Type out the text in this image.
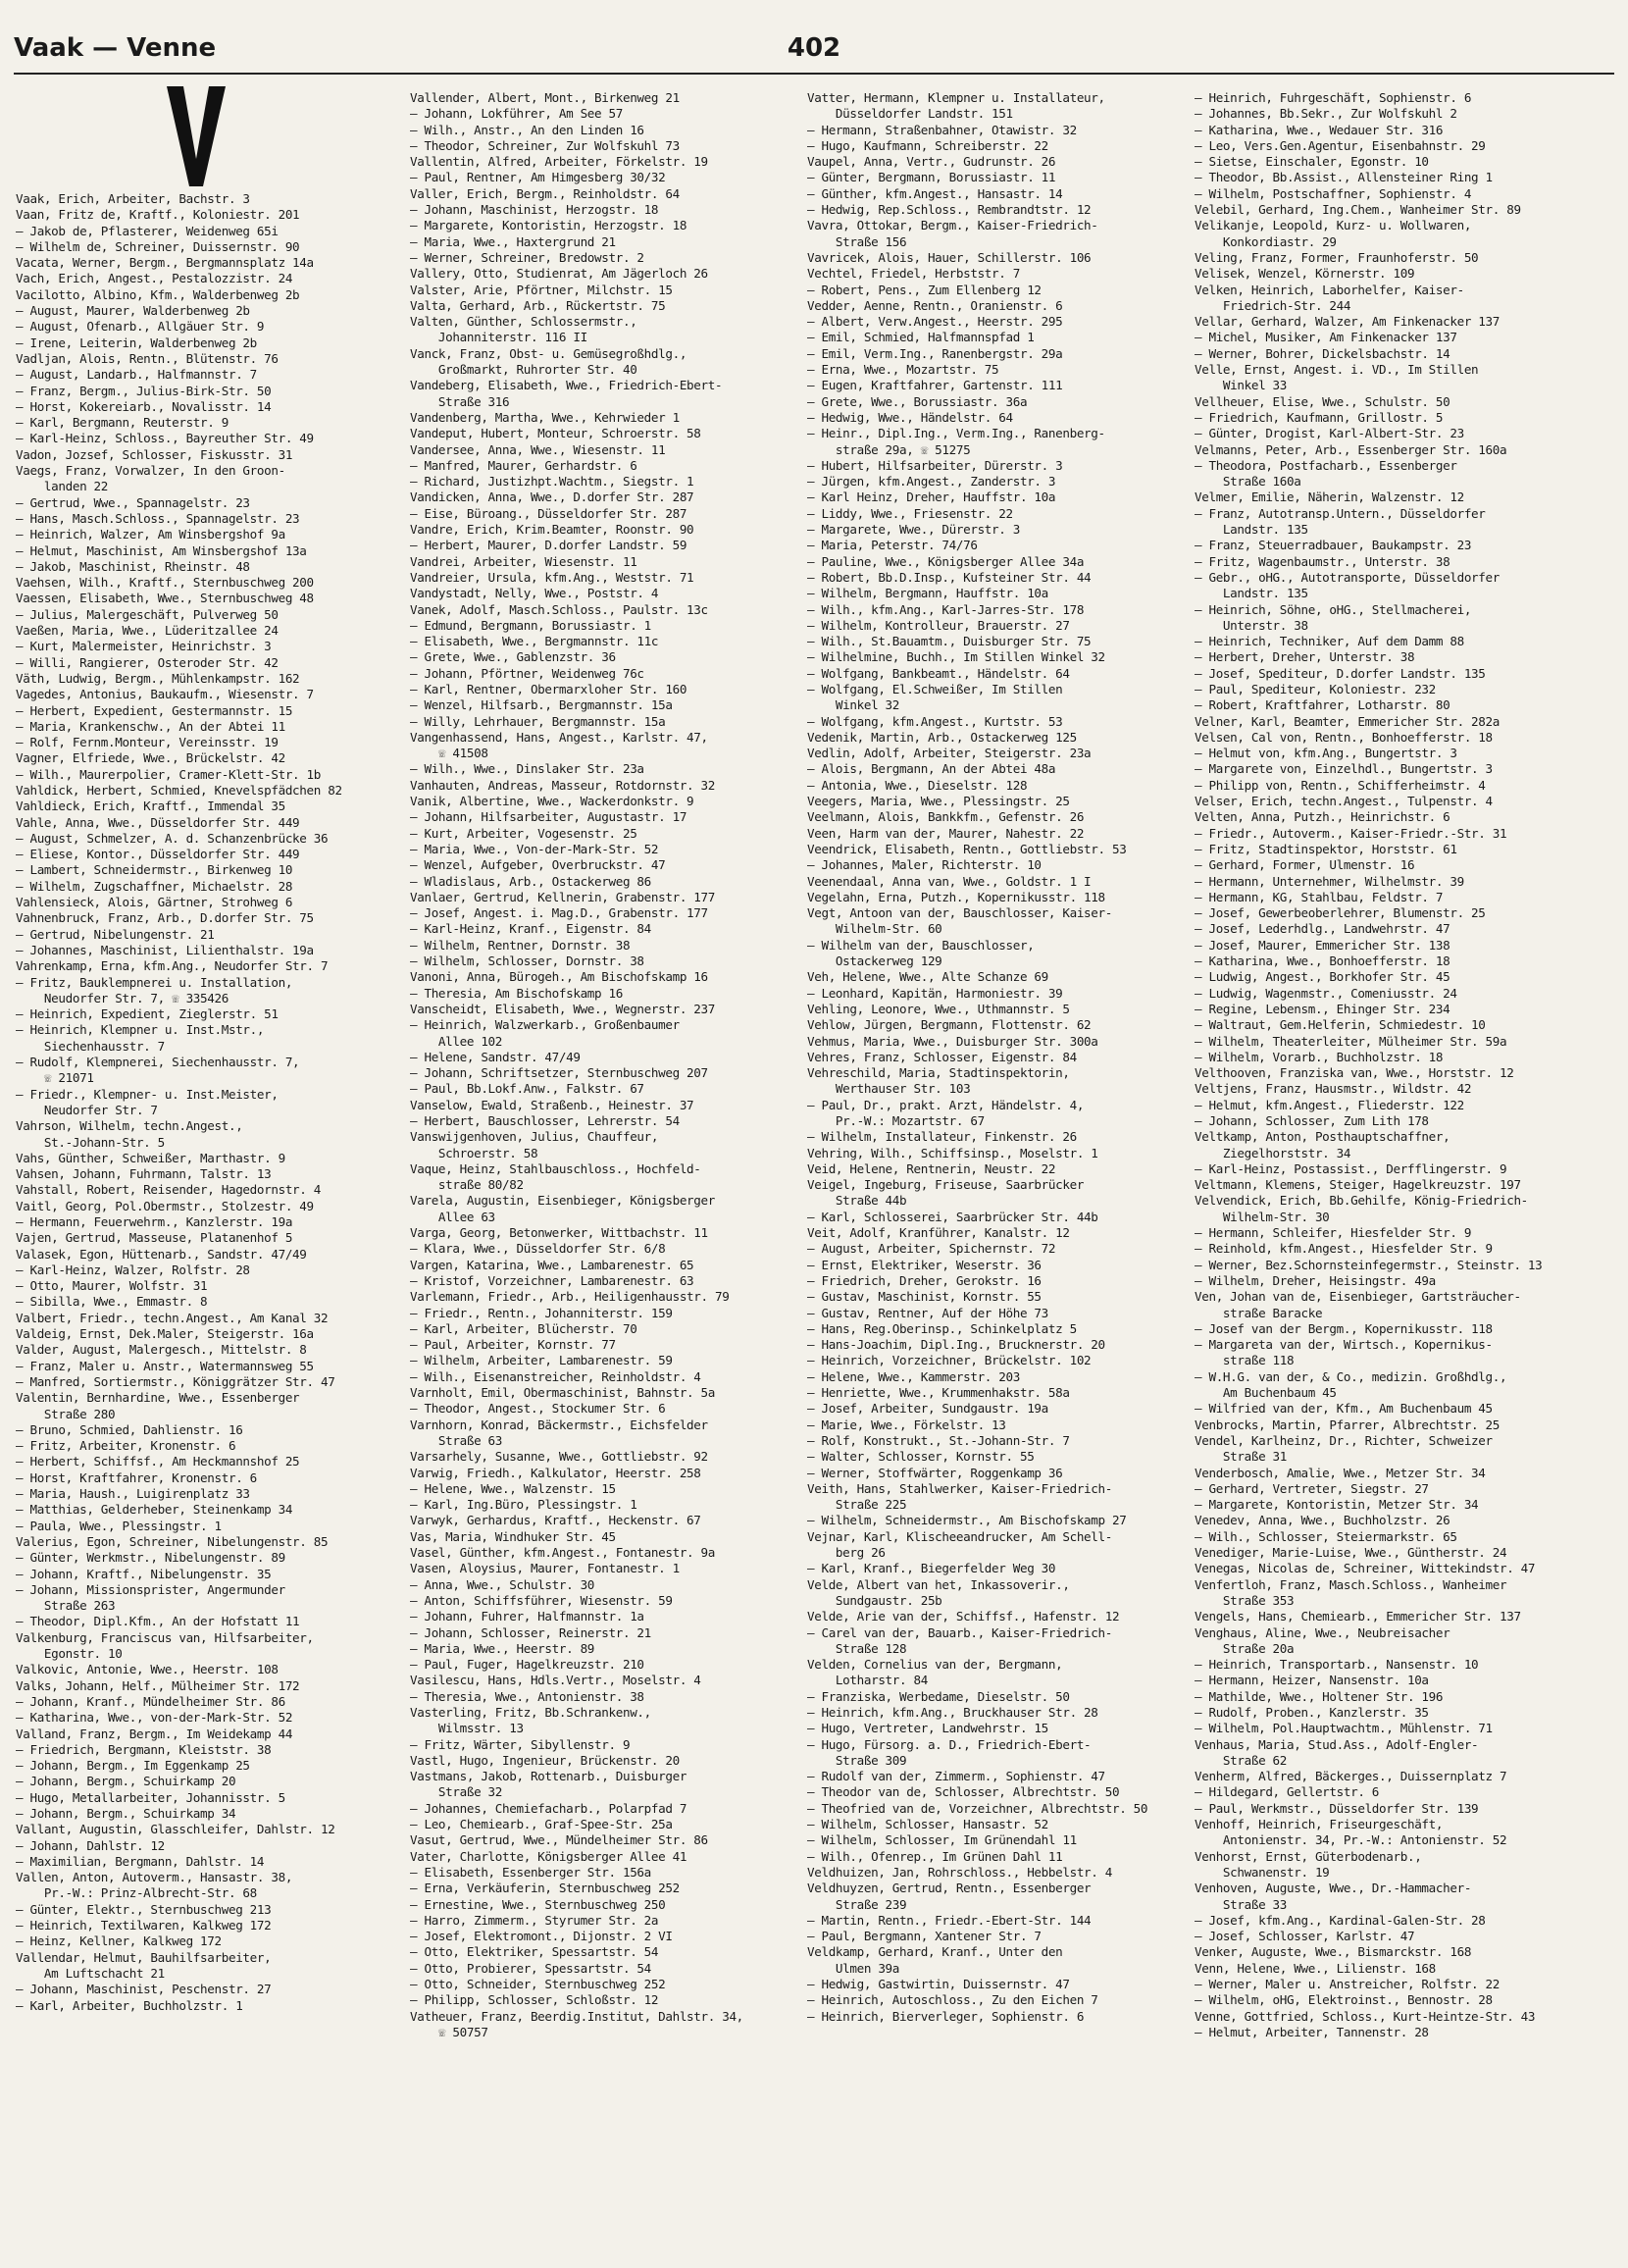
Vaak — Venne	402
Vaak, Erich, Arbeiter, Bachstr. 3
Vaan, Fritz de, Kraftf., Koloniestr. 201
— Jakob de, Pflasterer, Weidenweg 65i
— Wilhelm de, Schreiner, Duissernstr. 90
Vacata, Werner, Bergm., Bergmannsplatz 14a
Vach, Erich, Angest., Pestalozzistr. 24
Vacilotto, Albino, Kfm., Walderbenweg 2b
— August, Maurer, Walderbenweg 2b
— August, Ofenarb., Allgäuer Str. 9
— Irene, Leiterin, Walderbenweg 2b
Vadljan, Alois, Rentn., Blütenstr. 76
— August, Landarb., Halfmannstr. 7
— Franz, Bergm., Julius-Birk-Str. 50
— Horst, Kokereiarb., Novalisstr. 14
— Karl, Bergmann, Reuterstr. 9
— Karl-Heinz, Schloss., Bayreuther Str. 49
Vadon, Jozsef, Schlosser, Fiskusstr. 31
Vaegs, Franz, Vorwalzer, In den Groon-
landen 22
— Gertrud, Wwe., Spannagelstr. 23
— Hans, Masch.Schloss., Spannagelstr. 23
— Heinrich, Walzer, Am Winsbergshof 9a
— Helmut, Maschinist, Am Winsbergshof 13a
— Jakob, Maschinist, Rheinstr. 48
Vaehsen, Wilh., Kraftf., Sternbuschweg 200
Vaessen, Elisabeth, Wwe., Sternbuschweg 48
— Julius, Malergeschäft, Pulverweg 50
Vaeßen, Maria, Wwe., Lüderitzallee 24
— Kurt, Malermeister, Heinrichstr. 3
— Willi, Rangierer, Osteroder Str. 42
Väth, Ludwig, Bergm., Mühlenkampstr. 162
Vagedes, Antonius, Baukaufm., Wiesenstr. 7
— Herbert, Expedient, Gestermannstr. 15
— Maria, Krankenschw., An der Abtei 11
— Rolf, Fernm.Monteur, Vereinsstr. 19
Vagner, Elfriede, Wwe., Brückelstr. 42
— Wilh., Maurerpolier, Cramer-Klett-Str. 1b
Vahldick, Herbert, Schmied, Knevelspfädchen 82
Vahldieck, Erich, Kraftf., Immendal 35
Vahle, Anna, Wwe., Düsseldorfer Str. 449
— August, Schmelzer, A. d. Schanzenbrücke 36
— Eliese, Kontor., Düsseldorfer Str. 449
— Lambert, Schneidermstr., Birkenweg 10
— Wilhelm, Zugschaffner, Michaelstr. 28
Vahlensieck, Alois, Gärtner, Strohweg 6
Vahnenbruck, Franz, Arb., D.dorfer Str. 75
— Gertrud, Nibelungenstr. 21
— Johannes, Maschinist, Lilienthalstr. 19a
Vahrenkamp, Erna, kfm.Ang., Neudorfer Str. 7
— Fritz, Bauklempnerei u. Installation,
Neudorfer Str. 7, ☏ 335426
— Heinrich, Expedient, Zieglerstr. 51
— Heinrich, Klempner u. Inst.Mstr.,
Siechenhausstr. 7
— Rudolf, Klempnerei, Siechenhausstr. 7,
☏ 21071
— Friedr., Klempner- u. Inst.Meister,
Neudorfer Str. 7
Vahrson, Wilhelm, techn.Angest.,
St.-Johann-Str. 5
Vahs, Günther, Schweißer, Marthastr. 9
Vahsen, Johann, Fuhrmann, Talstr. 13
Vahstall, Robert, Reisender, Hagedornstr. 4
Vaitl, Georg, Pol.Obermstr., Stolzestr. 49
— Hermann, Feuerwehrm., Kanzlerstr. 19a
Vajen, Gertrud, Masseuse, Platanenhof 5
Valasek, Egon, Hüttenarb., Sandstr. 47/49
— Karl-Heinz, Walzer, Rolfstr. 28
— Otto, Maurer, Wolfstr. 31
— Sibilla, Wwe., Emmastr. 8
Valbert, Friedr., techn.Angest., Am Kanal 32
Valdeig, Ernst, Dek.Maler, Steigerstr. 16a
Valder, August, Malergesch., Mittelstr. 8
— Franz, Maler u. Anstr., Watermannsweg 55
— Manfred, Sortiermstr., Königgrätzer Str. 47
Valentin, Bernhardine, Wwe., Essenberger
Straße 280
— Bruno, Schmied, Dahlienstr. 16
— Fritz, Arbeiter, Kronenstr. 6
— Herbert, Schiffsf., Am Heckmannshof 25
— Horst, Kraftfahrer, Kronenstr. 6
— Maria, Haush., Luigirenplatz 33
— Matthias, Gelderheber, Steinenkamp 34
— Paula, Wwe., Plessingstr. 1
Valerius, Egon, Schreiner, Nibelungenstr. 85
— Günter, Werkmstr., Nibelungenstr. 89
— Johann, Kraftf., Nibelungenstr. 35
— Johann, Missionsprister, Angermunder
Straße 263
— Theodor, Dipl.Kfm., An der Hofstatt 11
Valkenburg, Franciscus van, Hilfsarbeiter,
Egonstr. 10
Valkovic, Antonie, Wwe., Heerstr. 108
Valks, Johann, Helf., Mülheimer Str. 172
— Johann, Kranf., Mündelheimer Str. 86
— Katharina, Wwe., von-der-Mark-Str. 52
Valland, Franz, Bergm., Im Weidekamp 44
— Friedrich, Bergmann, Kleiststr. 38
— Johann, Bergm., Im Eggenkamp 25
— Johann, Bergm., Schuirkamp 20
— Hugo, Metallarbeiter, Johannisstr. 5
— Johann, Bergm., Schuirkamp 34
Vallant, Augustin, Glasschleifer, Dahlstr. 12
— Johann, Dahlstr. 12
— Maximilian, Bergmann, Dahlstr. 14
Vallen, Anton, Autoverm., Hansastr. 38,
Pr.-W.: Prinz-Albrecht-Str. 68
— Günter, Elektr., Sternbuschweg 213
— Heinrich, Textilwaren, Kalkweg 172
— Heinz, Kellner, Kalkweg 172
Vallendar, Helmut, Bauhilfsarbeiter,
Am Luftschacht 21
— Johann, Maschinist, Peschenstr. 27
— Karl, Arbeiter, Buchholzstr. 1
Vallender, Albert, Mont., Birkenweg 21
— Johann, Lokführer, Am See 57
— Wilh., Anstr., An den Linden 16
— Theodor, Schreiner, Zur Wolfskuhl 73
Vallentin, Alfred, Arbeiter, Förkelstr. 19
— Paul, Rentner, Am Himgesberg 30/32
Valler, Erich, Bergm., Reinholdstr. 64
— Johann, Maschinist, Herzogstr. 18
— Margarete, Kontoristin, Herzogstr. 18
— Maria, Wwe., Haxtergrund 21
— Werner, Schreiner, Bredowstr. 2
Vallery, Otto, Studienrat, Am Jägerloch 26
Valster, Arie, Pförtner, Milchstr. 15
Valta, Gerhard, Arb., Rückertstr. 75
Valten, Günther, Schlossermstr.,
Johanniterstr. 116 II
Vanck, Franz, Obst- u. Gemüsegroßhdlg.,
Großmarkt, Ruhrorter Str. 40
Vandeberg, Elisabeth, Wwe., Friedrich-Ebert-
Straße 316
Vandenberg, Martha, Wwe., Kehrwieder 1
Vandeput, Hubert, Monteur, Schroerstr. 58
Vandersee, Anna, Wwe., Wiesenstr. 11
— Manfred, Maurer, Gerhardstr. 6
— Richard, Justizhpt.Wachtm., Siegstr. 1
Vandicken, Anna, Wwe., D.dorfer Str. 287
— Eise, Büroang., Düsseldorfer Str. 287
Vandre, Erich, Krim.Beamter, Roonstr. 90
— Herbert, Maurer, D.dorfer Landstr. 59
Vandrei, Arbeiter, Wiesenstr. 11
Vandreier, Ursula, kfm.Ang., Weststr. 71
Vandystadt, Nelly, Wwe., Poststr. 4
Vanek, Adolf, Masch.Schloss., Paulstr. 13c
— Edmund, Bergmann, Borussiastr. 1
— Elisabeth, Wwe., Bergmannstr. 11c
— Grete, Wwe., Gablenzstr. 36
— Johann, Pförtner, Weidenweg 76c
— Karl, Rentner, Obermarxloher Str. 160
— Wenzel, Hilfsarb., Bergmannstr. 15a
— Willy, Lehrhauer, Bergmannstr. 15a
Vangenhassend, Hans, Angest., Karlstr. 47,
☏ 41508
— Wilh., Wwe., Dinslaker Str. 23a
Vanhauten, Andreas, Masseur, Rotdornstr. 32
Vanik, Albertine, Wwe., Wackerdonkstr. 9
— Johann, Hilfsarbeiter, Augustastr. 17
— Kurt, Arbeiter, Vogesenstr. 25
— Maria, Wwe., Von-der-Mark-Str. 52
— Wenzel, Aufgeber, Overbruckstr. 47
— Wladislaus, Arb., Ostackerweg 86
Vanlaer, Gertrud, Kellnerin, Grabenstr. 177
— Josef, Angest. i. Mag.D., Grabenstr. 177
— Karl-Heinz, Kranf., Eigenstr. 84
— Wilhelm, Rentner, Dornstr. 38
— Wilhelm, Schlosser, Dornstr. 38
Vanoni, Anna, Bürogeh., Am Bischofskamp 16
— Theresia, Am Bischofskamp 16
Vanscheidt, Elisabeth, Wwe., Wegnerstr. 237
— Heinrich, Walzwerkarb., Großenbaumer
Allee 102
— Helene, Sandstr. 47/49
— Johann, Schriftsetzer, Sternbuschweg 207
— Paul, Bb.Lokf.Anw., Falkstr. 67
Vanselow, Ewald, Straßenb., Heinestr. 37
— Herbert, Bauschlosser, Lehrerstr. 54
Vanswijgenhoven, Julius, Chauffeur,
Schroerstr. 58
Vaque, Heinz, Stahlbauschloss., Hochfeld-
straße 80/82
Varela, Augustin, Eisenbieger, Königsberger
Allee 63
Varga, Georg, Betonwerker, Wittbachstr. 11
— Klara, Wwe., Düsseldorfer Str. 6/8
Vargen, Katarina, Wwe., Lambarenestr. 65
— Kristof, Vorzeichner, Lambarenestr. 63
Varlemann, Friedr., Arb., Heiligenhausstr. 79
— Friedr., Rentn., Johanniterstr. 159
— Karl, Arbeiter, Blücherstr. 70
— Paul, Arbeiter, Kornstr. 77
— Wilhelm, Arbeiter, Lambarenestr. 59
— Wilh., Eisenanstreicher, Reinholdstr. 4
Varnholt, Emil, Obermaschinist, Bahnstr. 5a
— Theodor, Angest., Stockumer Str. 6
Varnhorn, Konrad, Bäckermstr., Eichsfelder
Straße 63
Varsarhely, Susanne, Wwe., Gottliebstr. 92
Varwig, Friedh., Kalkulator, Heerstr. 258
— Helene, Wwe., Walzenstr. 15
— Karl, Ing.Büro, Plessingstr. 1
Varwyk, Gerhardus, Kraftf., Heckenstr. 67
Vas, Maria, Windhuker Str. 45
Vasel, Günther, kfm.Angest., Fontanestr. 9a
Vasen, Aloysius, Maurer, Fontanestr. 1
— Anna, Wwe., Schulstr. 30
— Anton, Schiffsführer, Wiesenstr. 59
— Johann, Fuhrer, Halfmannstr. 1a
— Johann, Schlosser, Reinerstr. 21
— Maria, Wwe., Heerstr. 89
— Paul, Fuger, Hagelkreuzstr. 210
Vasilescu, Hans, Hdls.Vertr., Moselstr. 4
— Theresia, Wwe., Antonienstr. 38
Vasterling, Fritz, Bb.Schrankenw.,
Wilmsstr. 13
— Fritz, Wärter, Sibyllenstr. 9
Vastl, Hugo, Ingenieur, Brückenstr. 20
Vastmans, Jakob, Rottenarb., Duisburger
Straße 32
— Johannes, Chemiefacharb., Polarpfad 7
— Leo, Chemiearb., Graf-Spee-Str. 25a
Vasut, Gertrud, Wwe., Mündelheimer Str. 86
Vater, Charlotte, Königsberger Allee 41
— Elisabeth, Essenberger Str. 156a
— Erna, Verkäuferin, Sternbuschweg 252
— Ernestine, Wwe., Sternbuschweg 250
— Harro, Zimmerm., Styrumer Str. 2a
— Josef, Elektromont., Dijonstr. 2 VI
— Otto, Elektriker, Spessartstr. 54
— Otto, Probierer, Spessartstr. 54
— Otto, Schneider, Sternbuschweg 252
— Philipp, Schlosser, Schloßstr. 12
Vatheuer, Franz, Beerdig.Institut, Dahlstr. 34,
☏ 50757
Vatter, Hermann, Klempner u. Installateur,
Düsseldorfer Landstr. 151
— Hermann, Straßenbahner, Otawistr. 32
— Hugo, Kaufmann, Schreiberstr. 22
Vaupel, Anna, Vertr., Gudrunstr. 26
— Günter, Bergmann, Borussiastr. 11
— Günther, kfm.Angest., Hansastr. 14
— Hedwig, Rep.Schloss., Rembrandtstr. 12
Vavra, Ottokar, Bergm., Kaiser-Friedrich-
Straße 156
Vavricek, Alois, Hauer, Schillerstr. 106
Vechtel, Friedel, Herbststr. 7
— Robert, Pens., Zum Ellenberg 12
Vedder, Aenne, Rentn., Oranienstr. 6
— Albert, Verw.Angest., Heerstr. 295
— Emil, Schmied, Halfmannspfad 1
— Emil, Verm.Ing., Ranenbergstr. 29a
— Erna, Wwe., Mozartstr. 75
— Eugen, Kraftfahrer, Gartenstr. 111
— Grete, Wwe., Borussiastr. 36a
— Hedwig, Wwe., Händelstr. 64
— Heinr., Dipl.Ing., Verm.Ing., Ranenberg-
straße 29a, ☏ 51275
— Hubert, Hilfsarbeiter, Dürerstr. 3
— Jürgen, kfm.Angest., Zanderstr. 3
— Karl Heinz, Dreher, Hauffstr. 10a
— Liddy, Wwe., Friesenstr. 22
— Margarete, Wwe., Dürerstr. 3
— Maria, Peterstr. 74/76
— Pauline, Wwe., Königsberger Allee 34a
— Robert, Bb.D.Insp., Kufsteiner Str. 44
— Wilhelm, Bergmann, Hauffstr. 10a
— Wilh., kfm.Ang., Karl-Jarres-Str. 178
— Wilhelm, Kontrolleur, Brauerstr. 27
— Wilh., St.Bauamtm., Duisburger Str. 75
— Wilhelmine, Buchh., Im Stillen Winkel 32
— Wolfgang, Bankbeamt., Händelstr. 64
— Wolfgang, El.Schweißer, Im Stillen
Winkel 32
— Wolfgang, kfm.Angest., Kurtstr. 53
Vedenik, Martin, Arb., Ostackerweg 125
Vedlin, Adolf, Arbeiter, Steigerstr. 23a
— Alois, Bergmann, An der Abtei 48a
— Antonia, Wwe., Dieselstr. 128
Veegers, Maria, Wwe., Plessingstr. 25
Veelmann, Alois, Bankkfm., Gefenstr. 26
Veen, Harm van der, Maurer, Nahestr. 22
Veendrick, Elisabeth, Rentn., Gottliebstr. 53
— Johannes, Maler, Richterstr. 10
Veenendaal, Anna van, Wwe., Goldstr. 1 I
Vegelahn, Erna, Putzh., Kopernikusstr. 118
Vegt, Antoon van der, Bauschlosser, Kaiser-
Wilhelm-Str. 60
— Wilhelm van der, Bauschlosser,
Ostackerweg 129
Veh, Helene, Wwe., Alte Schanze 69
— Leonhard, Kapitän, Harmoniestr. 39
Vehling, Leonore, Wwe., Uthmannstr. 5
Vehlow, Jürgen, Bergmann, Flottenstr. 62
Vehmus, Maria, Wwe., Duisburger Str. 300a
Vehres, Franz, Schlosser, Eigenstr. 84
Vehreschild, Maria, Stadtinspektorin,
Werthauser Str. 103
— Paul, Dr., prakt. Arzt, Händelstr. 4,
Pr.-W.: Mozartstr. 67
— Wilhelm, Installateur, Finkenstr. 26
Vehring, Wilh., Schiffsinsp., Moselstr. 1
Veid, Helene, Rentnerin, Neustr. 22
Veigel, Ingeburg, Friseuse, Saarbrücker
Straße 44b
— Karl, Schlosserei, Saarbrücker Str. 44b
Veit, Adolf, Kranführer, Kanalstr. 12
— August, Arbeiter, Spichernstr. 72
— Ernst, Elektriker, Weserstr. 36
— Friedrich, Dreher, Gerokstr. 16
— Gustav, Maschinist, Kornstr. 55
— Gustav, Rentner, Auf der Höhe 73
— Hans, Reg.Oberinsp., Schinkelplatz 5
— Hans-Joachim, Dipl.Ing., Brucknerstr. 20
— Heinrich, Vorzeichner, Brückelstr. 102
— Helene, Wwe., Kammerstr. 203
— Henriette, Wwe., Krummenhakstr. 58a
— Josef, Arbeiter, Sundgaustr. 19a
— Marie, Wwe., Förkelstr. 13
— Rolf, Konstrukt., St.-Johann-Str. 7
— Walter, Schlosser, Kornstr. 55
— Werner, Stoffwärter, Roggenkamp 36
Veith, Hans, Stahlwerker, Kaiser-Friedrich-
Straße 225
— Wilhelm, Schneidermstr., Am Bischofskamp 27
Vejnar, Karl, Klischeeandrucker, Am Schell-
berg 26
— Karl, Kranf., Biegerfelder Weg 30
Velde, Albert van het, Inkassoverir.,
Sundgaustr. 25b
Velde, Arie van der, Schiffsf., Hafenstr. 12
— Carel van der, Bauarb., Kaiser-Friedrich-
Straße 128
Velden, Cornelius van der, Bergmann,
Lotharstr. 84
— Franziska, Werbedame, Dieselstr. 50
— Heinrich, kfm.Ang., Bruckhauser Str. 28
— Hugo, Vertreter, Landwehrstr. 15
— Hugo, Fürsorg. a. D., Friedrich-Ebert-
Straße 309
— Rudolf van der, Zimmerm., Sophienstr. 47
— Theodor van de, Schlosser, Albrechtstr. 50
— Theofried van de, Vorzeichner, Albrechtstr. 50
— Wilhelm, Schlosser, Hansastr. 52
— Wilhelm, Schlosser, Im Grünendahl 11
— Wilh., Ofenrep., Im Grünen Dahl 11
Veldhuizen, Jan, Rohrschloss., Hebbelstr. 4
Veldhuyzen, Gertrud, Rentn., Essenberger
Straße 239
— Martin, Rentn., Friedr.-Ebert-Str. 144
— Paul, Bergmann, Xantener Str. 7
Veldkamp, Gerhard, Kranf., Unter den
Ulmen 39a
— Hedwig, Gastwirtin, Duissernstr. 47
— Heinrich, Autoschloss., Zu den Eichen 7
— Heinrich, Bierverleger, Sophienstr. 6
— Heinrich, Fuhrgeschäft, Sophienstr. 6
— Johannes, Bb.Sekr., Zur Wolfskuhl 2
— Katharina, Wwe., Wedauer Str. 316
— Leo, Vers.Gen.Agentur, Eisenbahnstr. 29
— Sietse, Einschaler, Egonstr. 10
— Theodor, Bb.Assist., Allensteiner Ring 1
— Wilhelm, Postschaffner, Sophienstr. 4
Velebil, Gerhard, Ing.Chem., Wanheimer Str. 89
Velikanje, Leopold, Kurz- u. Wollwaren,
Konkordiastr. 29
Veling, Franz, Former, Fraunhoferstr. 50
Velisek, Wenzel, Körnerstr. 109
Velken, Heinrich, Laborhelfer, Kaiser-
Friedrich-Str. 244
Vellar, Gerhard, Walzer, Am Finkenacker 137
— Michel, Musiker, Am Finkenacker 137
— Werner, Bohrer, Dickelsbachstr. 14
Velle, Ernst, Angest. i. VD., Im Stillen
Winkel 33
Vellheuer, Elise, Wwe., Schulstr. 50
— Friedrich, Kaufmann, Grillostr. 5
— Günter, Drogist, Karl-Albert-Str. 23
Velmanns, Peter, Arb., Essenberger Str. 160a
— Theodora, Postfacharb., Essenberger
Straße 160a
Velmer, Emilie, Näherin, Walzenstr. 12
— Franz, Autotransp.Untern., Düsseldorfer
Landstr. 135
— Franz, Steuerradbauer, Baukampstr. 23
— Fritz, Wagenbaumstr., Unterstr. 38
— Gebr., oHG., Autotransporte, Düsseldorfer
Landstr. 135
— Heinrich, Söhne, oHG., Stellmacherei,
Unterstr. 38
— Heinrich, Techniker, Auf dem Damm 88
— Herbert, Dreher, Unterstr. 38
— Josef, Spediteur, D.dorfer Landstr. 135
— Paul, Spediteur, Koloniestr. 232
— Robert, Kraftfahrer, Lotharstr. 80
Velner, Karl, Beamter, Emmericher Str. 282a
Velsen, Cal von, Rentn., Bonhoefferstr. 18
— Helmut von, kfm.Ang., Bungertstr. 3
— Margarete von, Einzelhdl., Bungertstr. 3
— Philipp von, Rentn., Schifferheimstr. 4
Velser, Erich, techn.Angest., Tulpenstr. 4
Velten, Anna, Putzh., Heinrichstr. 6
— Friedr., Autoverm., Kaiser-Friedr.-Str. 31
— Fritz, Stadtinspektor, Horststr. 61
— Gerhard, Former, Ulmenstr. 16
— Hermann, Unternehmer, Wilhelmstr. 39
— Hermann, KG, Stahlbau, Feldstr. 7
— Josef, Gewerbeoberlehrer, Blumenstr. 25
— Josef, Lederhdlg., Landwehrstr. 47
— Josef, Maurer, Emmericher Str. 138
— Katharina, Wwe., Bonhoefferstr. 18
— Ludwig, Angest., Borkhofer Str. 45
— Ludwig, Wagenmstr., Comeniusstr. 24
— Regine, Lebensm., Ehinger Str. 234
— Waltraut, Gem.Helferin, Schmiedestr. 10
— Wilhelm, Theaterleiter, Mülheimer Str. 59a
— Wilhelm, Vorarb., Buchholzstr. 18
Velthooven, Franziska van, Wwe., Horststr. 12
Veltjens, Franz, Hausmstr., Wildstr. 42
— Helmut, kfm.Angest., Fliederstr. 122
— Johann, Schlosser, Zum Lith 178
Veltkamp, Anton, Posthauptschaffner,
Ziegelhorststr. 34
— Karl-Heinz, Postassist., Derfflingerstr. 9
Veltmann, Klemens, Steiger, Hagelkreuzstr. 197
Velvendick, Erich, Bb.Gehilfe, König-Friedrich-
Wilhelm-Str. 30
— Hermann, Schleifer, Hiesfelder Str. 9
— Reinhold, kfm.Angest., Hiesfelder Str. 9
— Werner, Bez.Schornsteinfegermstr., Steinstr. 13
— Wilhelm, Dreher, Heisingstr. 49a
Ven, Johan van de, Eisenbieger, Gartsträucher-
straße Baracke
— Josef van der Bergm., Kopernikusstr. 118
— Margareta van der, Wirtsch., Kopernikus-
straße 118
— W.H.G. van der, & Co., medizin. Großhdlg.,
Am Buchenbaum 45
— Wilfried van der, Kfm., Am Buchenbaum 45
Venbrocks, Martin, Pfarrer, Albrechtstr. 25
Vendel, Karlheinz, Dr., Richter, Schweizer
Straße 31
Venderbosch, Amalie, Wwe., Metzer Str. 34
— Gerhard, Vertreter, Siegstr. 27
— Margarete, Kontoristin, Metzer Str. 34
Venedev, Anna, Wwe., Buchholzstr. 26
— Wilh., Schlosser, Steiermarkstr. 65
Venediger, Marie-Luise, Wwe., Güntherstr. 24
Venegas, Nicolas de, Schreiner, Wittekindstr. 47
Venfertloh, Franz, Masch.Schloss., Wanheimer
Straße 353
Vengels, Hans, Chemiearb., Emmericher Str. 137
Venghaus, Aline, Wwe., Neubreisacher
Straße 20a
— Heinrich, Transportarb., Nansenstr. 10
— Hermann, Heizer, Nansenstr. 10a
— Mathilde, Wwe., Holtener Str. 196
— Rudolf, Proben., Kanzlerstr. 35
— Wilhelm, Pol.Hauptwachtm., Mühlenstr. 71
Venhaus, Maria, Stud.Ass., Adolf-Engler-
Straße 62
Venherm, Alfred, Bäckerges., Duissernplatz 7
— Hildegard, Gellertstr. 6
— Paul, Werkmstr., Düsseldorfer Str. 139
Venhoff, Heinrich, Friseurgeschäft,
Antonienstr. 34, Pr.-W.: Antonienstr. 52
Venhorst, Ernst, Güterbodenarb.,
Schwanenstr. 19
Venhoven, Auguste, Wwe., Dr.-Hammacher-
Straße 33
— Josef, kfm.Ang., Kardinal-Galen-Str. 28
— Josef, Schlosser, Karlstr. 47
Venker, Auguste, Wwe., Bismarckstr. 168
Venn, Helene, Wwe., Lilienstr. 168
— Werner, Maler u. Anstreicher, Rolfstr. 22
— Wilhelm, oHG, Elektroinst., Bennostr. 28
Venne, Gottfried, Schloss., Kurt-Heintze-Str. 43
— Helmut, Arbeiter, Tannenstr. 28
